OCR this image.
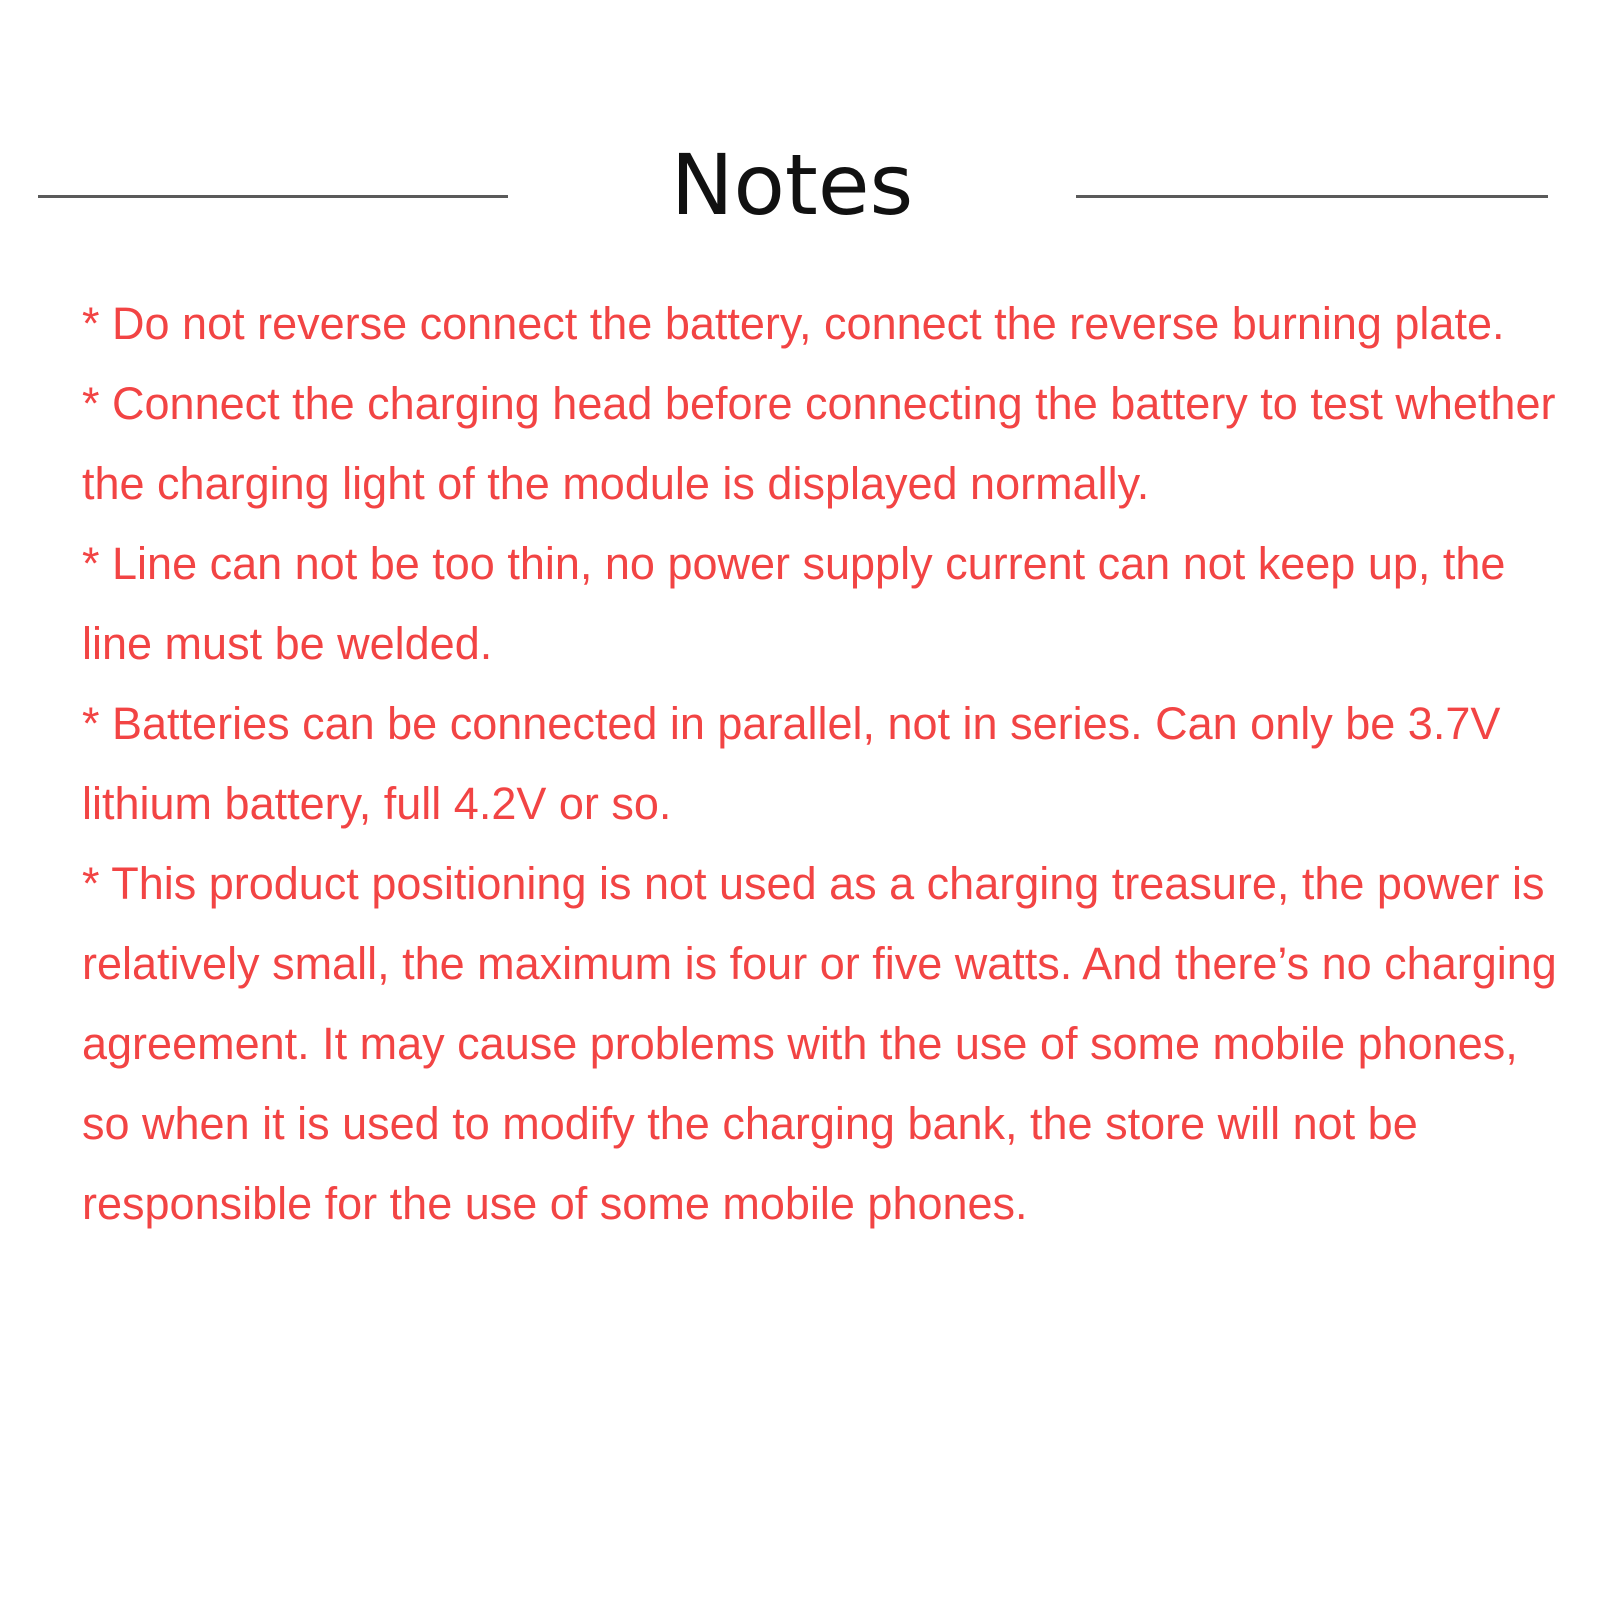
Notes
* Do not reverse connect the battery, connect the reverse burning plate.
* Connect the charging head before connecting the battery to test whether the charging light of the module is displayed normally.
* Line can not be too thin, no power supply current can not keep up, the line must be welded.
* Batteries can be connected in parallel, not in series. Can only be 3.7V lithium battery, full 4.2V or so.
* This product positioning is not used as a charging treasure, the power is relatively small, the maximum is four or five watts. And there’s no charging agreement. It may cause problems with the use of some mobile phones, so when it is used to modify the charging bank, the store will not be responsible for the use of some mobile phones.
